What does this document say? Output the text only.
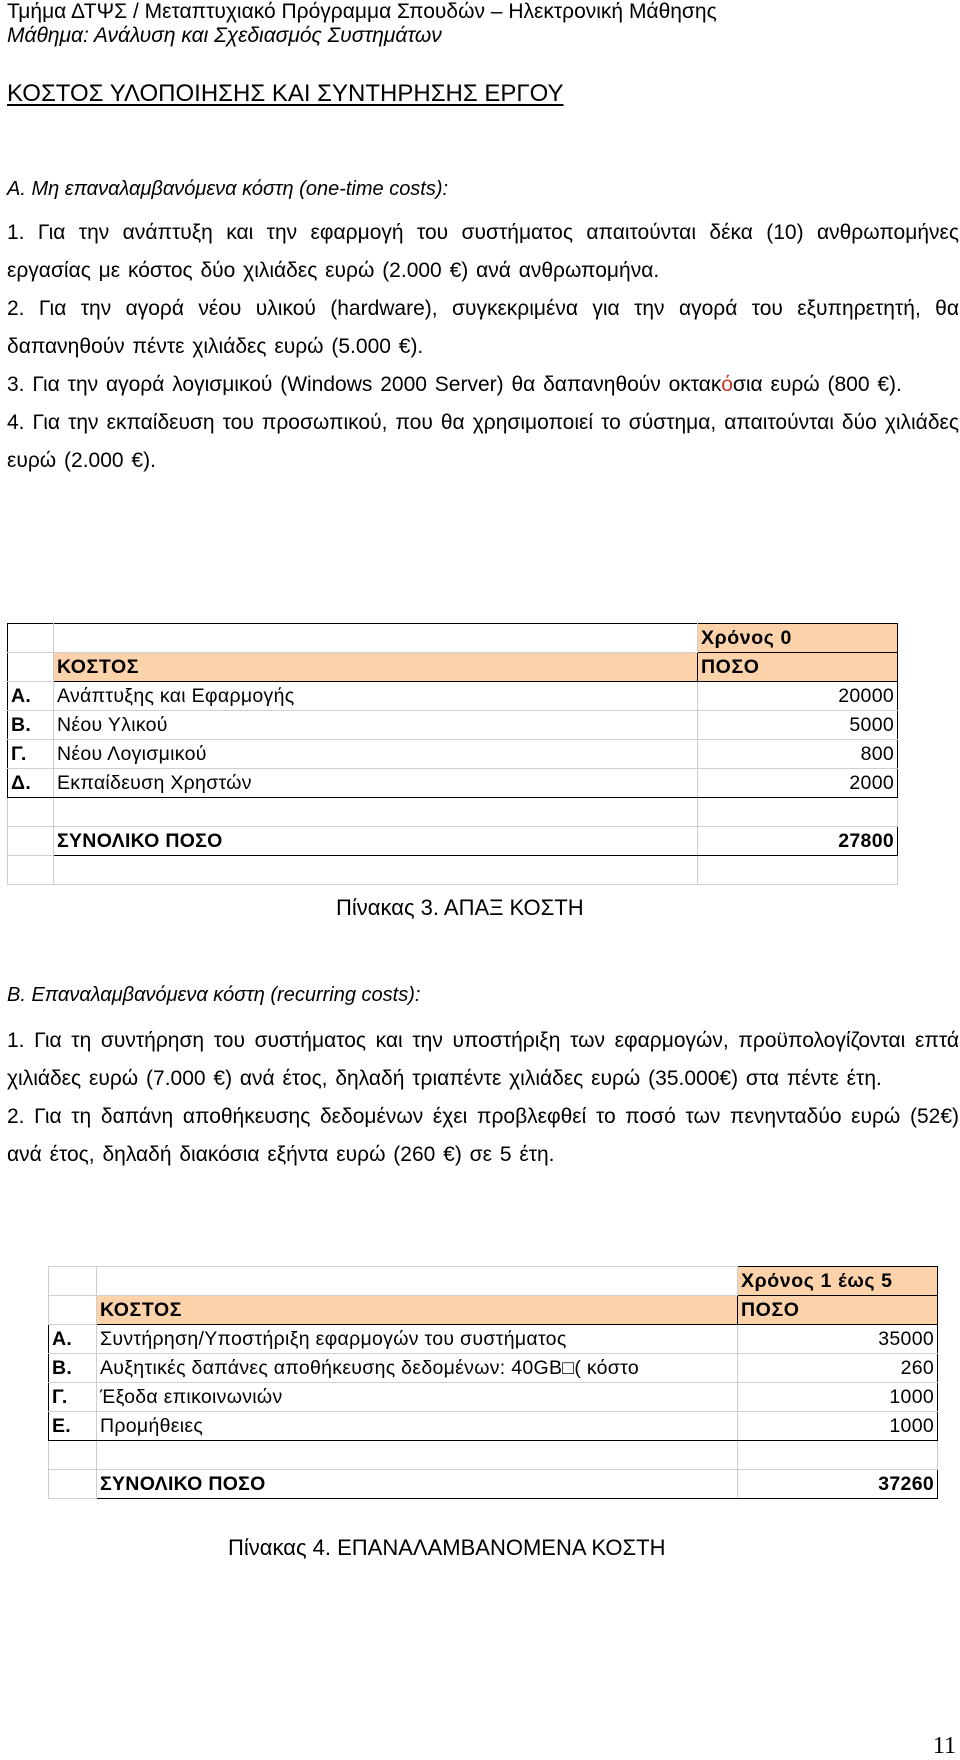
Τμήμα ΔΤΨΣ / Μεταπτυχιακό Πρόγραμμα Σπουδών – Ηλεκτρονική Μάθησης
Μάθημα: Ανάλυση και Σχεδιασμός Συστημάτων
ΚΟΣΤΟΣ ΥΛΟΠΟΙΗΣΗΣ ΚΑΙ ΣΥΝΤΗΡΗΣΗΣ ΕΡΓΟΥ
Α. Μη επαναλαμβανόμενα κόστη (one-time costs):

1. Για την ανάπτυξη και την εφαρμογή του συστήματος απαιτούνται δέκα (10) ανθρωπομήνες εργασίας με κόστος δύο χιλιάδες ευρώ (2.000 €) ανά ανθρωπομήνα.

2. Για την αγορά νέου υλικού (hardware), συγκεκριμένα για την αγορά του εξυπηρετητή, θα δαπανηθούν πέντε χιλιάδες ευρώ (5.000 €).

3. Για την αγορά λογισμικού (Windows 2000 Server) θα δαπανηθούν οκτακόσια ευρώ (800 €).

4. Για την εκπαίδευση του προσωπικού, που θα χρησιμοποιεί το σύστημα, απαιτούνται δύο χιλιάδες ευρώ (2.000 €).

		Χρόνος 0
	ΚΟΣΤΟΣ	ΠΟΣΟ
Α.	Ανάπτυξης και Εφαρμογής	20000
Β.	Νέου Υλικού	5000
Γ.	Νέου Λογισμικού	800
Δ.	Εκπαίδευση Χρηστών	2000

	ΣΥΝΟΛΙΚΟ ΠΟΣΟ	27800

Πίνακας 3. ΑΠΑΞ ΚΟΣΤΗ
Β. Επαναλαμβανόμενα κόστη (recurring costs):

1. Για τη συντήρηση του συστήματος και την υποστήριξη των εφαρμογών, προϋπολογίζονται επτά χιλιάδες ευρώ (7.000 €) ανά έτος, δηλαδή τριαπέντε χιλιάδες ευρώ (35.000€) στα πέντε έτη.

2. Για τη δαπάνη αποθήκευσης δεδομένων έχει προβλεφθεί το ποσό των πενηνταδύο ευρώ (52€) ανά έτος, δηλαδή διακόσια εξήντα ευρώ (260 €) σε 5 έτη.

		Χρόνος 1 έως 5
	ΚΟΣΤΟΣ	ΠΟΣΟ
Α.	Συντήρηση/Υποστήριξη εφαρμογών του συστήματος	35000
Β.	Αυξητικές δαπάνες αποθήκευσης δεδομένων: 40GB□( κόστο	260
Γ.	Έξοδα επικοινωνιών	1000
Ε.	Προμήθειες	1000

	ΣΥΝΟΛΙΚΟ ΠΟΣΟ	37260
Πίνακας 4. ΕΠΑΝΑΛΑΜΒΑΝΟΜΕΝΑ ΚΟΣΤΗ
11
